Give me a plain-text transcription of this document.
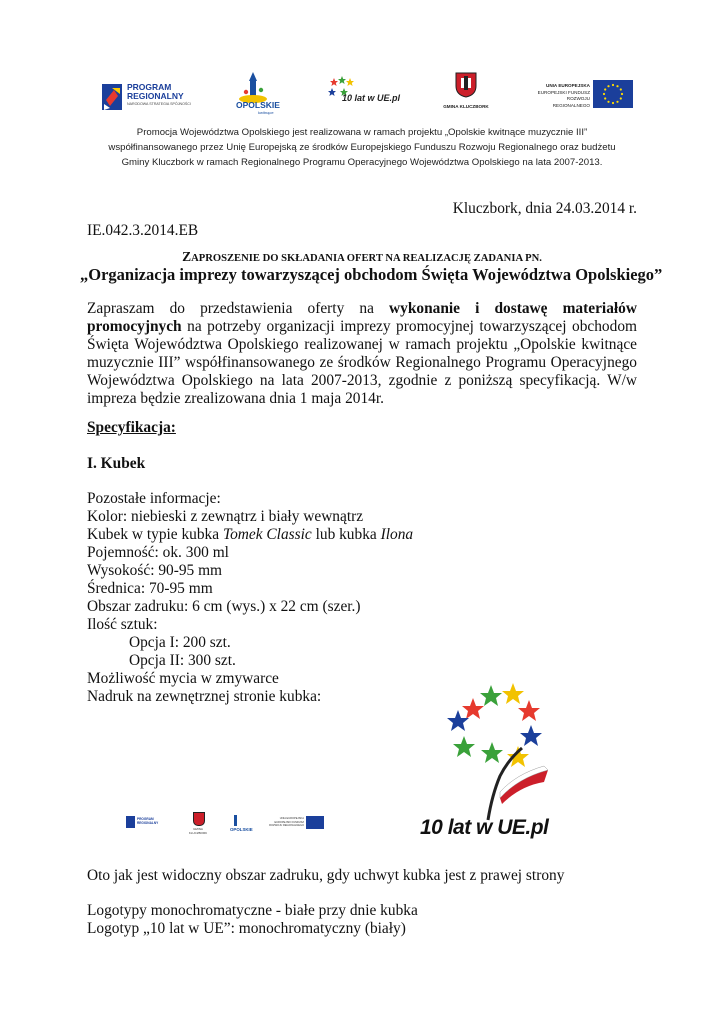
PROGRAM
REGIONALNY
NARODOWA STRATEGIA SPÓJNOŚCI	OPOLSKIE
kwitnące
10 lat w UE.pl
GMINA KLUCZBORK
UNIA EUROPEJSKA
EUROPEJSKI FUNDUSZ
ROZWOJU REGIONALNEGO
Promocja Województwa Opolskiego jest realizowana w ramach projektu „Opolskie kwitnące muzycznie III”
współfinansowanego przez Unię Europejską ze środków Europejskiego Funduszu Rozwoju Regionalnego oraz budżetu
Gminy Kluczbork w ramach Regionalnego Programu Operacyjnego Województwa Opolskiego na lata 2007-2013.
Kluczbork, dnia 24.03.2014 r.
IE.042.3.2014.EB
ZAPROSZENIE DO SKŁADANIA OFERT NA REALIZACJĘ ZADANIA PN.
„Organizacja imprezy towarzyszącej obchodom Święta Województwa Opolskiego”
Zapraszam do przedstawienia oferty na wykonanie i dostawę materiałów promocyjnych na potrzeby organizacji imprezy promocyjnej towarzyszącej obchodom Święta Województwa Opolskiego realizowanej w ramach projektu „Opolskie kwitnące muzycznie III” współfinansowanego ze środków Regionalnego Programu Operacyjnego Województwa Opolskiego na lata 2007-2013, zgodnie z poniższą specyfikacją. W/w impreza będzie zrealizowana dnia 1 maja 2014r.
Specyfikacja:
I. Kubek
Pozostałe informacje:
Kolor: niebieski z zewnątrz i biały wewnątrz
Kubek w typie kubka Tomek Classic lub kubka Ilona
Pojemność: ok. 300 ml
Wysokość: 90-95 mm
Średnica: 70-95 mm
Obszar zadruku: 6 cm (wys.) x 22 cm (szer.)
Ilość sztuk:
Opcja I: 200 szt.
Opcja II: 300 szt.
Możliwość mycia w zmywarce
Nadruk na zewnętrznej stronie kubka:
PROGRAM REGIONALNY
GMINA KLUCZBORK
OPOLSKIE
UNIA EUROPEJSKA EUROPEJSKI FUNDUSZ ROZWOJU REGIONALNEGO	10 lat w UE.pl
Oto jak jest widoczny obszar zadruku, gdy uchwyt kubka jest z prawej strony
Logotypy monochromatyczne - białe przy dnie kubka
Logotyp „10 lat w UE”: monochromatyczny (biały)
